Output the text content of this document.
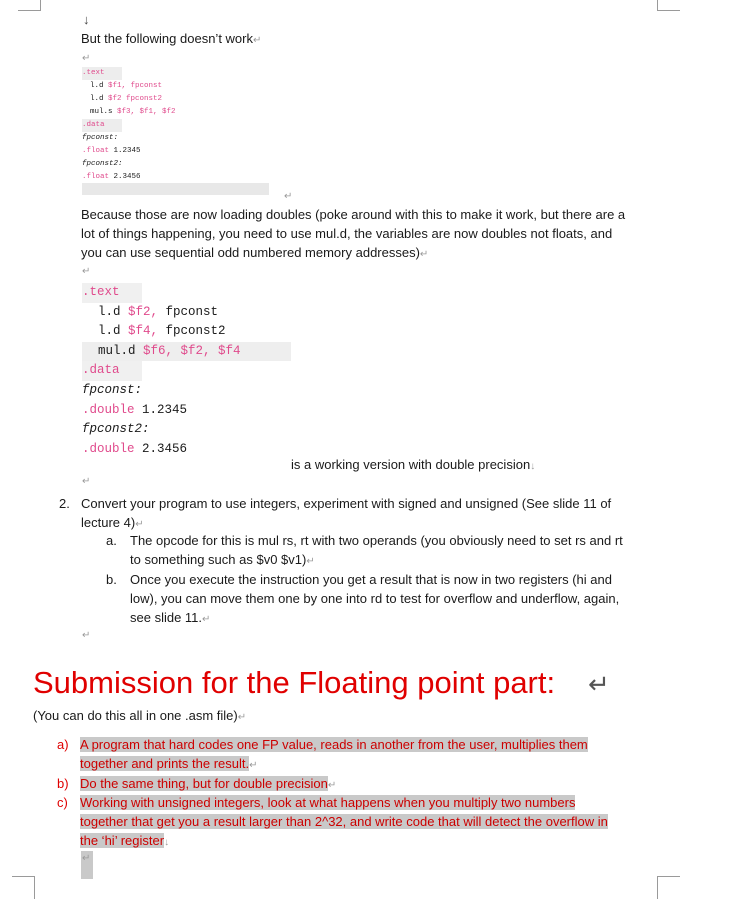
↓
But the following doesn’t work↵
↵
.text
l.d $f1, fpconst
l.d $f2 fpconst2
mul.s $f3, $f1, $f2
.data
fpconst:
.float 1.2345
fpconst2:
.float 2.3456
↵
Because those are now loading doubles (poke around with this to make it work, but there are a
lot of things happening, you need to use mul.d, the variables are now doubles not floats, and
you can use sequential odd numbered memory addresses)↵
↵
.text
l.d $f2, fpconst
l.d $f4, fpconst2
mul.d $f6, $f2, $f4
.data
fpconst:
.double 1.2345
fpconst2:
.double 2.3456
is a working version with double precision↓
↵
2. Convert your program to use integers, experiment with signed and unsigned (See slide 11 of
lecture 4)↵
a. The opcode for this is mul rs, rt with two operands (you obviously need to set rs and rt
to something such as $v0 $v1)↵
b. Once you execute the instruction you get a result that is now in two registers (hi and
low), you can move them one by one into rd to test for overflow and underflow, again,
see slide 11.↵
↵
Submission for the Floating point part: ↵
(You can do this all in one .asm file)↵
a) A program that hard codes one FP value, reads in another from the user, multiplies them
together and prints the result.↵
b) Do the same thing, but for double precision↵
c) Working with unsigned integers, look at what happens when you multiply two numbers
together that get you a result larger than 2^32, and write code that will detect the overflow in
the ‘hi’ register↓
↵
